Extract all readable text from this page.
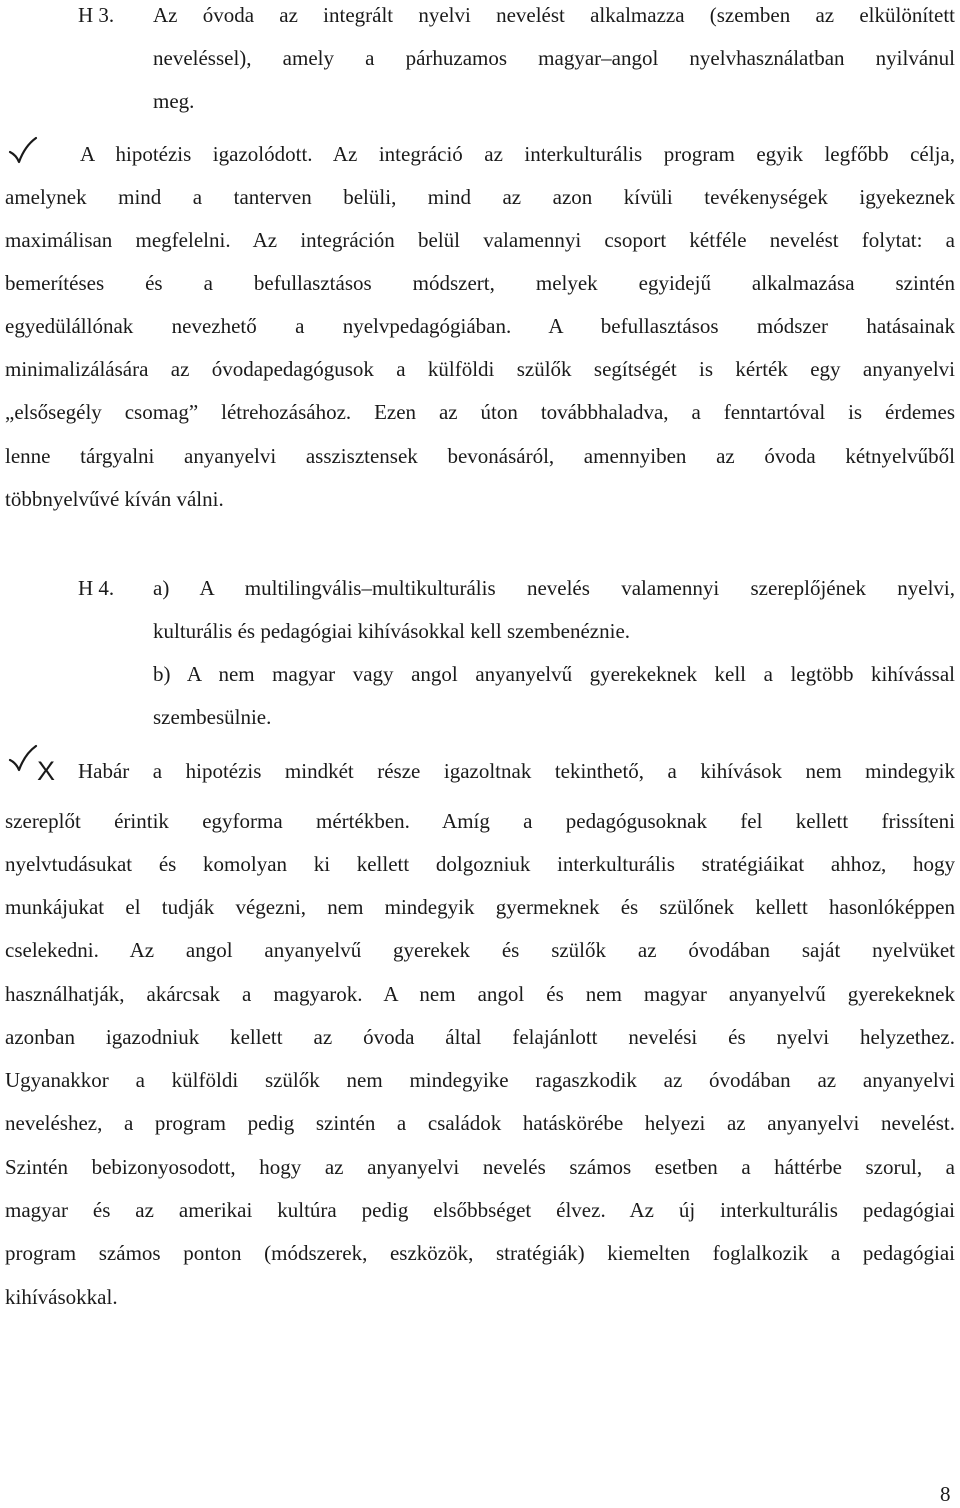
H 3. Az óvoda az integrált nyelvi nevelést alkalmazza (szemben az elkülönített
neveléssel), amely a párhuzamos magyar–angol nyelvhasználatban nyilvánul
meg.
A hipotézis igazolódott. Az integráció az interkulturális program egyik legfőbb célja,
amelynek mind a tanterven belüli, mind az azon kívüli tevékenységek igyekeznek
maximálisan megfelelni. Az integráción belül valamennyi csoport kétféle nevelést folytat: a
bemerítéses és a befullasztásos módszert, melyek egyidejű alkalmazása szintén
egyedülállónak nevezhető a nyelvpedagógiában. A befullasztásos módszer hatásainak
minimalizálására az óvodapedagógusok a külföldi szülők segítségét is kérték egy anyanyelvi
„elsősegély csomag” létrehozásához. Ezen az úton továbbhaladva, a fenntartóval is érdemes
lenne tárgyalni anyanyelvi asszisztensek bevonásáról, amennyiben az óvoda kétnyelvűből
többnyelvűvé kíván válni.
H 4. a) A multilingvális–multikulturális nevelés valamennyi szereplőjének nyelvi,
kulturális és pedagógiai kihívásokkal kell szembenéznie.
b) A nem magyar vagy angol anyanyelvű gyerekeknek kell a legtöbb kihívással
szembesülnie.
X Habár a hipotézis mindkét része igazoltnak tekinthető, a kihívások nem mindegyik
szereplőt érintik egyforma mértékben. Amíg a pedagógusoknak fel kellett frissíteni
nyelvtudásukat és komolyan ki kellett dolgozniuk interkulturális stratégiáikat ahhoz, hogy
munkájukat el tudják végezni, nem mindegyik gyermeknek és szülőnek kellett hasonlóképpen
cselekedni. Az angol anyanyelvű gyerekek és szülők az óvodában saját nyelvüket
használhatják, akárcsak a magyarok. A nem angol és nem magyar anyanyelvű gyerekeknek
azonban igazodniuk kellett az óvoda által felajánlott nevelési és nyelvi helyzethez.
Ugyanakkor a külföldi szülők nem mindegyike ragaszkodik az óvodában az anyanyelvi
neveléshez, a program pedig szintén a családok hatáskörébe helyezi az anyanyelvi nevelést.
Szintén bebizonyosodott, hogy az anyanyelvi nevelés számos esetben a háttérbe szorul, a
magyar és az amerikai kultúra pedig elsőbbséget élvez. Az új interkulturális pedagógiai
program számos ponton (módszerek, eszközök, stratégiák) kiemelten foglalkozik a pedagógiai
kihívásokkal.
8
